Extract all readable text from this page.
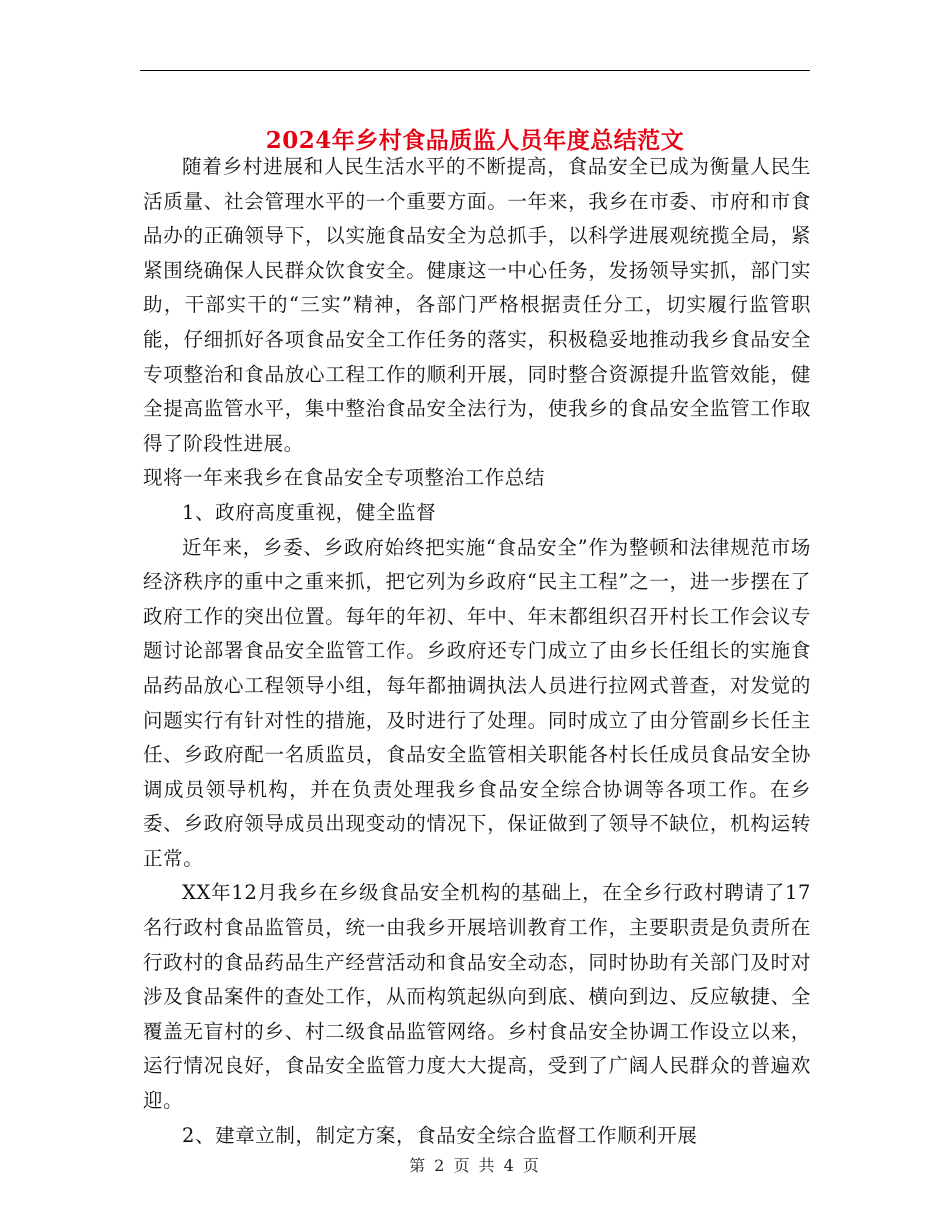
2024年乡村食品质监人员年度总结范文

随着乡村进展和人民生活水平的不断提高，食品安全已成为衡量人民生活质量、社会管理水平的一个重要方面。一年来，我乡在市委、市府和市食品办的正确领导下，以实施食品安全为总抓手，以科学进展观统揽全局，紧紧围绕确保人民群众饮食安全。健康这一中心任务，发扬领导实抓，部门实助，干部实干的“三实”精神，各部门严格根据责任分工，切实履行监管职能，仔细抓好各项食品安全工作任务的落实，积极稳妥地推动我乡食品安全专项整治和食品放心工程工作的顺利开展，同时整合资源提升监管效能，健全提高监管水平，集中整治食品安全法行为，使我乡的食品安全监管工作取得了阶段性进展。

现将一年来我乡在食品安全专项整治工作总结

1、政府高度重视，健全监督

近年来，乡委、乡政府始终把实施“食品安全”作为整顿和法律规范市场经济秩序的重中之重来抓，把它列为乡政府“民主工程”之一，进一步摆在了政府工作的突出位置。每年的年初、年中、年末都组织召开村长工作会议专题讨论部署食品安全监管工作。乡政府还专门成立了由乡长任组长的实施食品药品放心工程领导小组，每年都抽调执法人员进行拉网式普查，对发觉的问题实行有针对性的措施，及时进行了处理。同时成立了由分管副乡长任主任、乡政府配一名质监员，食品安全监管相关职能各村长任成员食品安全协调成员领导机构，并在负责处理我乡食品安全综合协调等各项工作。在乡委、乡政府领导成员出现变动的情况下，保证做到了领导不缺位，机构运转正常。

XX年12月我乡在乡级食品安全机构的基础上，在全乡行政村聘请了17名行政村食品监管员，统一由我乡开展培训教育工作，主要职责是负责所在行政村的食品药品生产经营活动和食品安全动态，同时协助有关部门及时对涉及食品案件的查处工作，从而构筑起纵向到底、横向到边、反应敏捷、全覆盖无盲村的乡、村二级食品监管网络。乡村食品安全协调工作设立以来，运行情况良好，食品安全监管力度大大提高，受到了广阔人民群众的普遍欢迎。

2、建章立制，制定方案，食品安全综合监督工作顺利开展

第 2 页 共 4 页
